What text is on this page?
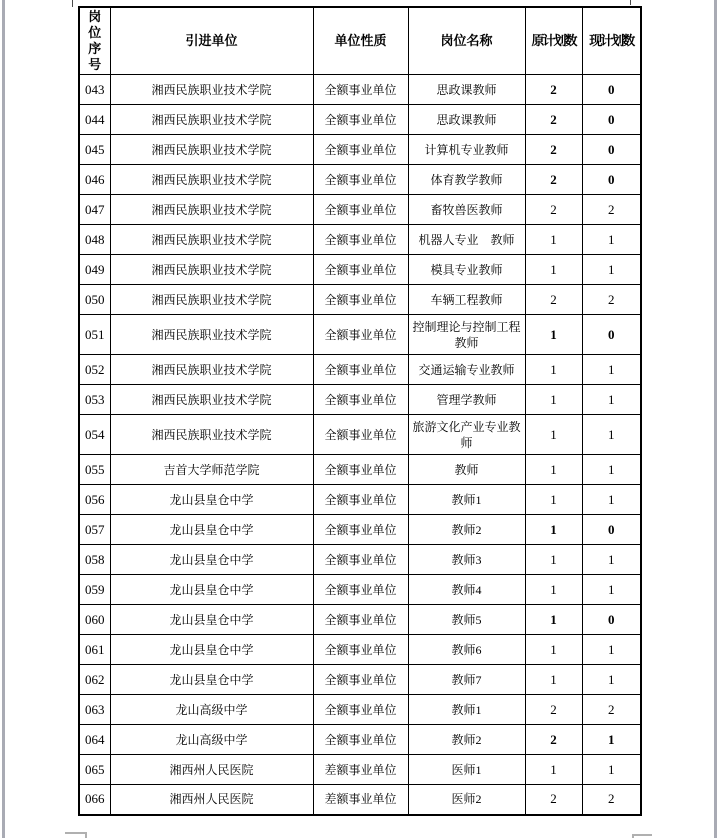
岗位序号	引进单位	单位性质	岗位名称	原计划数	现计划数
043	湘西民族职业技术学院	全额事业单位	思政课教师	2	0
044	湘西民族职业技术学院	全额事业单位	思政课教师	2	0
045	湘西民族职业技术学院	全额事业单位	计算机专业教师	2	0
046	湘西民族职业技术学院	全额事业单位	体育教学教师	2	0
047	湘西民族职业技术学院	全额事业单位	畜牧兽医教师	2	2
048	湘西民族职业技术学院	全额事业单位	机器人专业　教师	1	1
049	湘西民族职业技术学院	全额事业单位	模具专业教师	1	1
050	湘西民族职业技术学院	全额事业单位	车辆工程教师	2	2
051	湘西民族职业技术学院	全额事业单位	控制理论与控制工程教师	1	0
052	湘西民族职业技术学院	全额事业单位	交通运输专业教师	1	1
053	湘西民族职业技术学院	全额事业单位	管理学教师	1	1
054	湘西民族职业技术学院	全额事业单位	旅游文化产业专业教师	1	1
055	吉首大学师范学院	全额事业单位	教师	1	1
056	龙山县皇仓中学	全额事业单位	教师1	1	1
057	龙山县皇仓中学	全额事业单位	教师2	1	0
058	龙山县皇仓中学	全额事业单位	教师3	1	1
059	龙山县皇仓中学	全额事业单位	教师4	1	1
060	龙山县皇仓中学	全额事业单位	教师5	1	0
061	龙山县皇仓中学	全额事业单位	教师6	1	1
062	龙山县皇仓中学	全额事业单位	教师7	1	1
063	龙山高级中学	全额事业单位	教师1	2	2
064	龙山高级中学	全额事业单位	教师2	2	1
065	湘西州人民医院	差额事业单位	医师1	1	1
066	湘西州人民医院	差额事业单位	医师2	2	2
